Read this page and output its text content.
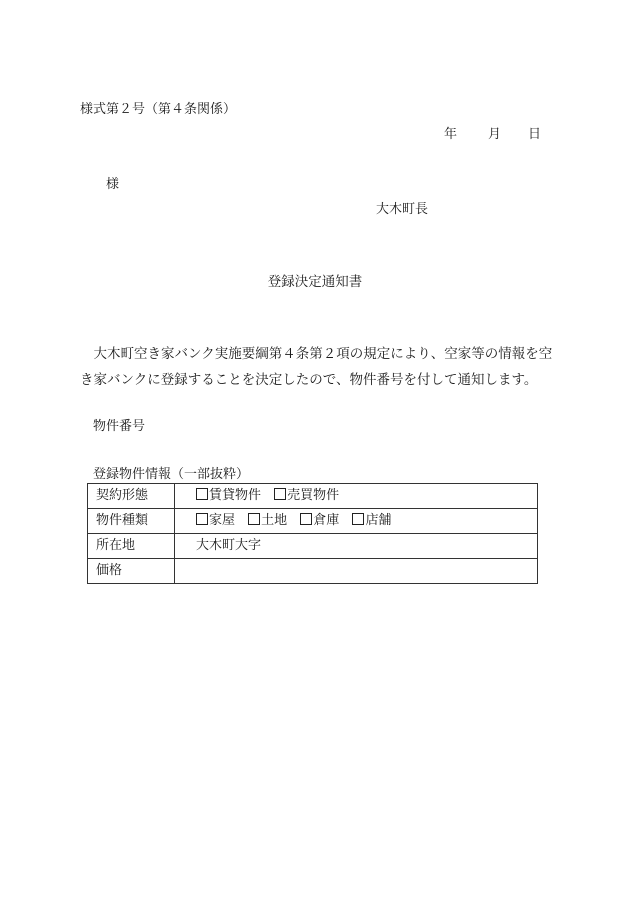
様式第２号（第４条関係）
年 月 日
様
大木町長
登録決定通知書
大木町空き家バンク実施要綱第４条第２項の規定により、空家等の情報を空き家バンクに登録することを決定したので、物件番号を付して通知します。
物件番号
登録物件情報（一部抜粋）
契約形態	賃貸物件 売買物件
物件種類	家屋 土地 倉庫 店舗
所在地	大木町大字
価格	
